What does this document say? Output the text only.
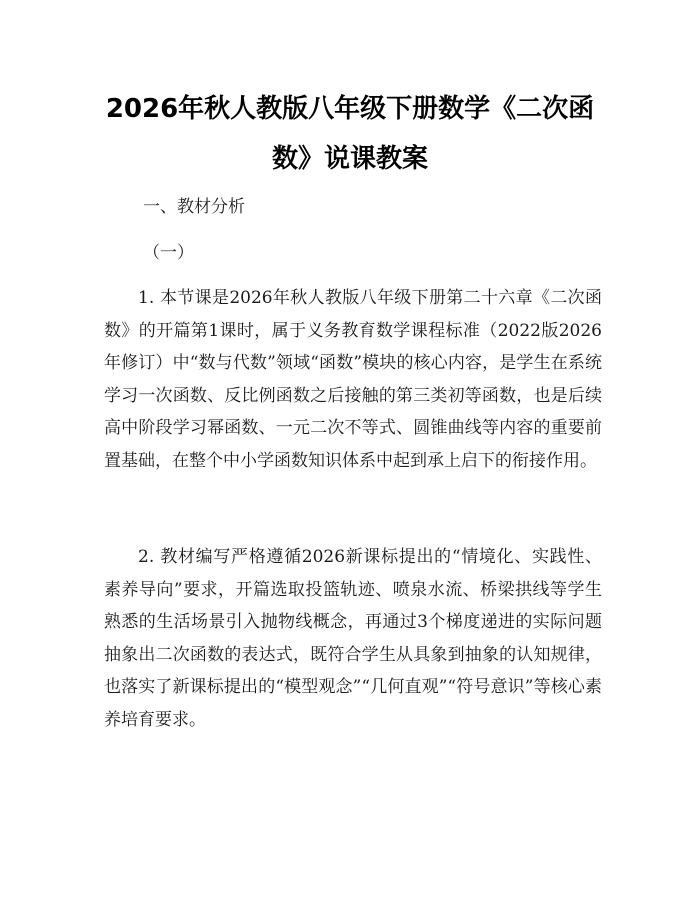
2026年秋人教版八年级下册数学《二次函数》说课教案
一、教材分析
（一）

1. 本节课是2026年秋人教版八年级下册第二十六章《二次函数》的开篇第1课时，属于义务教育数学课程标准（2022版2026年修订）中“数与代数”领域“函数”模块的核心内容，是学生在系统学习一次函数、反比例函数之后接触的第三类初等函数，也是后续高中阶段学习幂函数、一元二次不等式、圆锥曲线等内容的重要前置基础，在整个中小学函数知识体系中起到承上启下的衔接作用。

2. 教材编写严格遵循2026新课标提出的“情境化、实践性、素养导向”要求，开篇选取投篮轨迹、喷泉水流、桥梁拱线等学生熟悉的生活场景引入抛物线概念，再通过3个梯度递进的实际问题抽象出二次函数的表达式，既符合学生从具象到抽象的认知规律，也落实了新课标提出的“模型观念”“几何直观”“符号意识”等核心素养培育要求。
